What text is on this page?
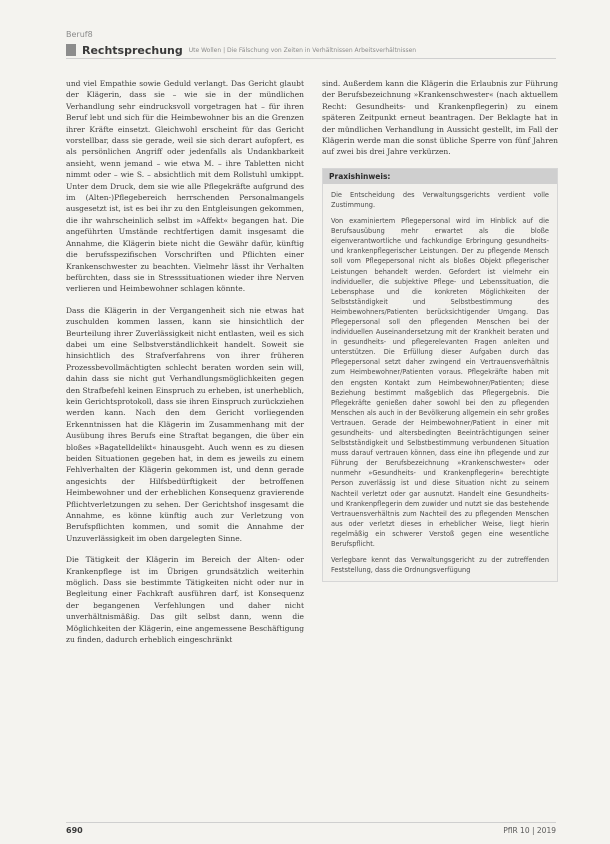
Beruf8
Rechtsprechung Ute Wollen | Die Fälschung von Zeiten in Verhältnissen Arbeitsverhältnissen

und viel Empathie sowie Geduld verlangt. Das Gericht glaubt der Klägerin, dass sie – wie sie in der mündlichen Verhandlung sehr eindrucksvoll vorgetragen hat – für ihren Beruf lebt und sich für die Heimbewohner bis an die Grenzen ihrer Kräfte einsetzt. Gleichwohl erscheint für das Gericht vorstellbar, dass sie gerade, weil sie sich derart aufopfert, es als persönlichen Angriff oder jedenfalls als Undankbarkeit ansieht, wenn jemand – wie etwa M. – ihre Tabletten nicht nimmt oder – wie S. – absichtlich mit dem Rollstuhl umkippt. Unter dem Druck, dem sie wie alle Pflegekräfte aufgrund des im (Alten-)Pflegebereich herrschenden Personalmangels ausgesetzt ist, ist es bei ihr zu den Entgleisungen gekommen, die ihr wahrscheinlich selbst im »Affekt« begangen hat. Die angeführten Umstände rechtfertigen damit insgesamt die Annahme, die Klägerin biete nicht die Gewähr dafür, künftig die berufsspezifischen Vorschriften und Pflichten einer Krankenschwester zu beachten. Vielmehr lässt ihr Verhalten befürchten, dass sie in Stresssituationen wieder ihre Nerven verlieren und Heimbewohner schlagen könnte.

Dass die Klägerin in der Vergangenheit sich nie etwas hat zuschulden kommen lassen, kann sie hinsichtlich der Beurteilung ihrer Zuverlässigkeit nicht entlasten, weil es sich dabei um eine Selbstverständlichkeit handelt. Soweit sie hinsichtlich des Strafverfahrens von ihrer früheren Prozessbevollmächtigten schlecht beraten worden sein will, dahin dass sie nicht gut Verhandlungsmöglichkeiten gegen den Strafbefehl keinen Einspruch zu erheben, ist unerheblich, kein Gerichtsprotokoll, dass sie ihren Einspruch zurückziehen werden kann. Nach den dem Gericht vorliegenden Erkenntnissen hat die Klägerin im Zusammenhang mit der Ausübung ihres Berufs eine Straftat begangen, die über ein bloßes »Bagatelldelikt« hinausgeht. Auch wenn es zu diesen beiden Situationen gegeben hat, in dem es jeweils zu einem Fehlverhalten der Klägerin gekommen ist, und denn gerade angesichts der Hilfsbedürftigkeit der betroffenen Heimbewohner und der erheblichen Konsequenz gravierende Pflichtverletzungen zu sehen. Der Gerichtshof insgesamt die Annahme, es könne künftig auch zur Verletzung von Berufspflichten kommen, und somit die Annahme der Unzuverlässigkeit im oben dargelegten Sinne.

Die Tätigkeit der Klägerin im Bereich der Alten- oder Krankenpflege ist im Übrigen grundsätzlich weiterhin möglich. Dass sie bestimmte Tätigkeiten nicht oder nur in Begleitung einer Fachkraft ausführen darf, ist Konsequenz der begangenen Verfehlungen und daher nicht unverhältnismäßig. Das gilt selbst dann, wenn die Möglichkeiten der Klägerin, eine angemessene Beschäftigung zu finden, dadurch erheblich eingeschränkt

sind. Außerdem kann die Klägerin die Erlaubnis zur Führung der Berufsbezeichnung »Krankenschwester« (nach aktuellem Recht: Gesundheits- und Krankenpflegerin) zu einem späteren Zeitpunkt erneut beantragen. Der Beklagte hat in der mündlichen Verhandlung in Aussicht gestellt, im Fall der Klägerin werde man die sonst übliche Sperre von fünf Jahren auf zwei bis drei Jahre verkürzen.

Praxishinweis:

Die Entscheidung des Verwaltungsgerichts verdient volle Zustimmung.

Von examiniertem Pflegepersonal wird im Hinblick auf die Berufsausübung mehr erwartet als die bloße eigenverantwortliche und fachkundige Erbringung gesundheits- und krankenpflegerischer Leistungen. Der zu pflegende Mensch soll vom Pflegepersonal nicht als bloßes Objekt pflegerischer Leistungen behandelt werden. Gefordert ist vielmehr ein individueller, die subjektive Pflege- und Lebenssituation, die Lebensphase und die konkreten Möglichkeiten der Selbstständigkeit und Selbstbestimmung des Heimbewohners/Patienten berücksichtigender Umgang. Das Pflegepersonal soll den pflegenden Menschen bei der individuellen Auseinandersetzung mit der Krankheit beraten und in gesundheits- und pflegerelevanten Fragen anleiten und unterstützen. Die Erfüllung dieser Aufgaben durch das Pflegepersonal setzt daher zwingend ein Vertrauensverhältnis zum Heimbewohner/Patienten voraus. Pflegekräfte haben mit den engsten Kontakt zum Heimbewohner/Patienten; diese Beziehung bestimmt maßgeblich das Pflegergebnis. Die Pflegekräfte genießen daher sowohl bei den zu pflegenden Menschen als auch in der Bevölkerung allgemein ein sehr großes Vertrauen. Gerade der Heimbewohner/Patient in einer mit gesundheits- und altersbedingten Beeinträchtigungen seiner Selbstständigkeit und Selbstbestimmung verbundenen Situation muss darauf vertrauen können, dass eine ihn pflegende und zur Führung der Berufsbezeichnung »Krankenschwester« oder nunmehr »Gesundheits- und Krankenpflegerin« berechtigte Person zuverlässig ist und diese Situation nicht zu seinem Nachteil verletzt oder gar ausnutzt. Handelt eine Gesundheits- und Krankenpflegerin dem zuwider und nutzt sie das bestehende Vertrauensverhältnis zum Nachteil des zu pflegenden Menschen aus oder verletzt dieses in erheblicher Weise, liegt hierin regelmäßig ein schwerer Verstoß gegen eine wesentliche Berufspflicht.

Verlegbare kennt das Verwaltungsgericht zu der zutreffenden Feststellung, dass die Ordnungsverfügung

690	PflR 10 | 2019
